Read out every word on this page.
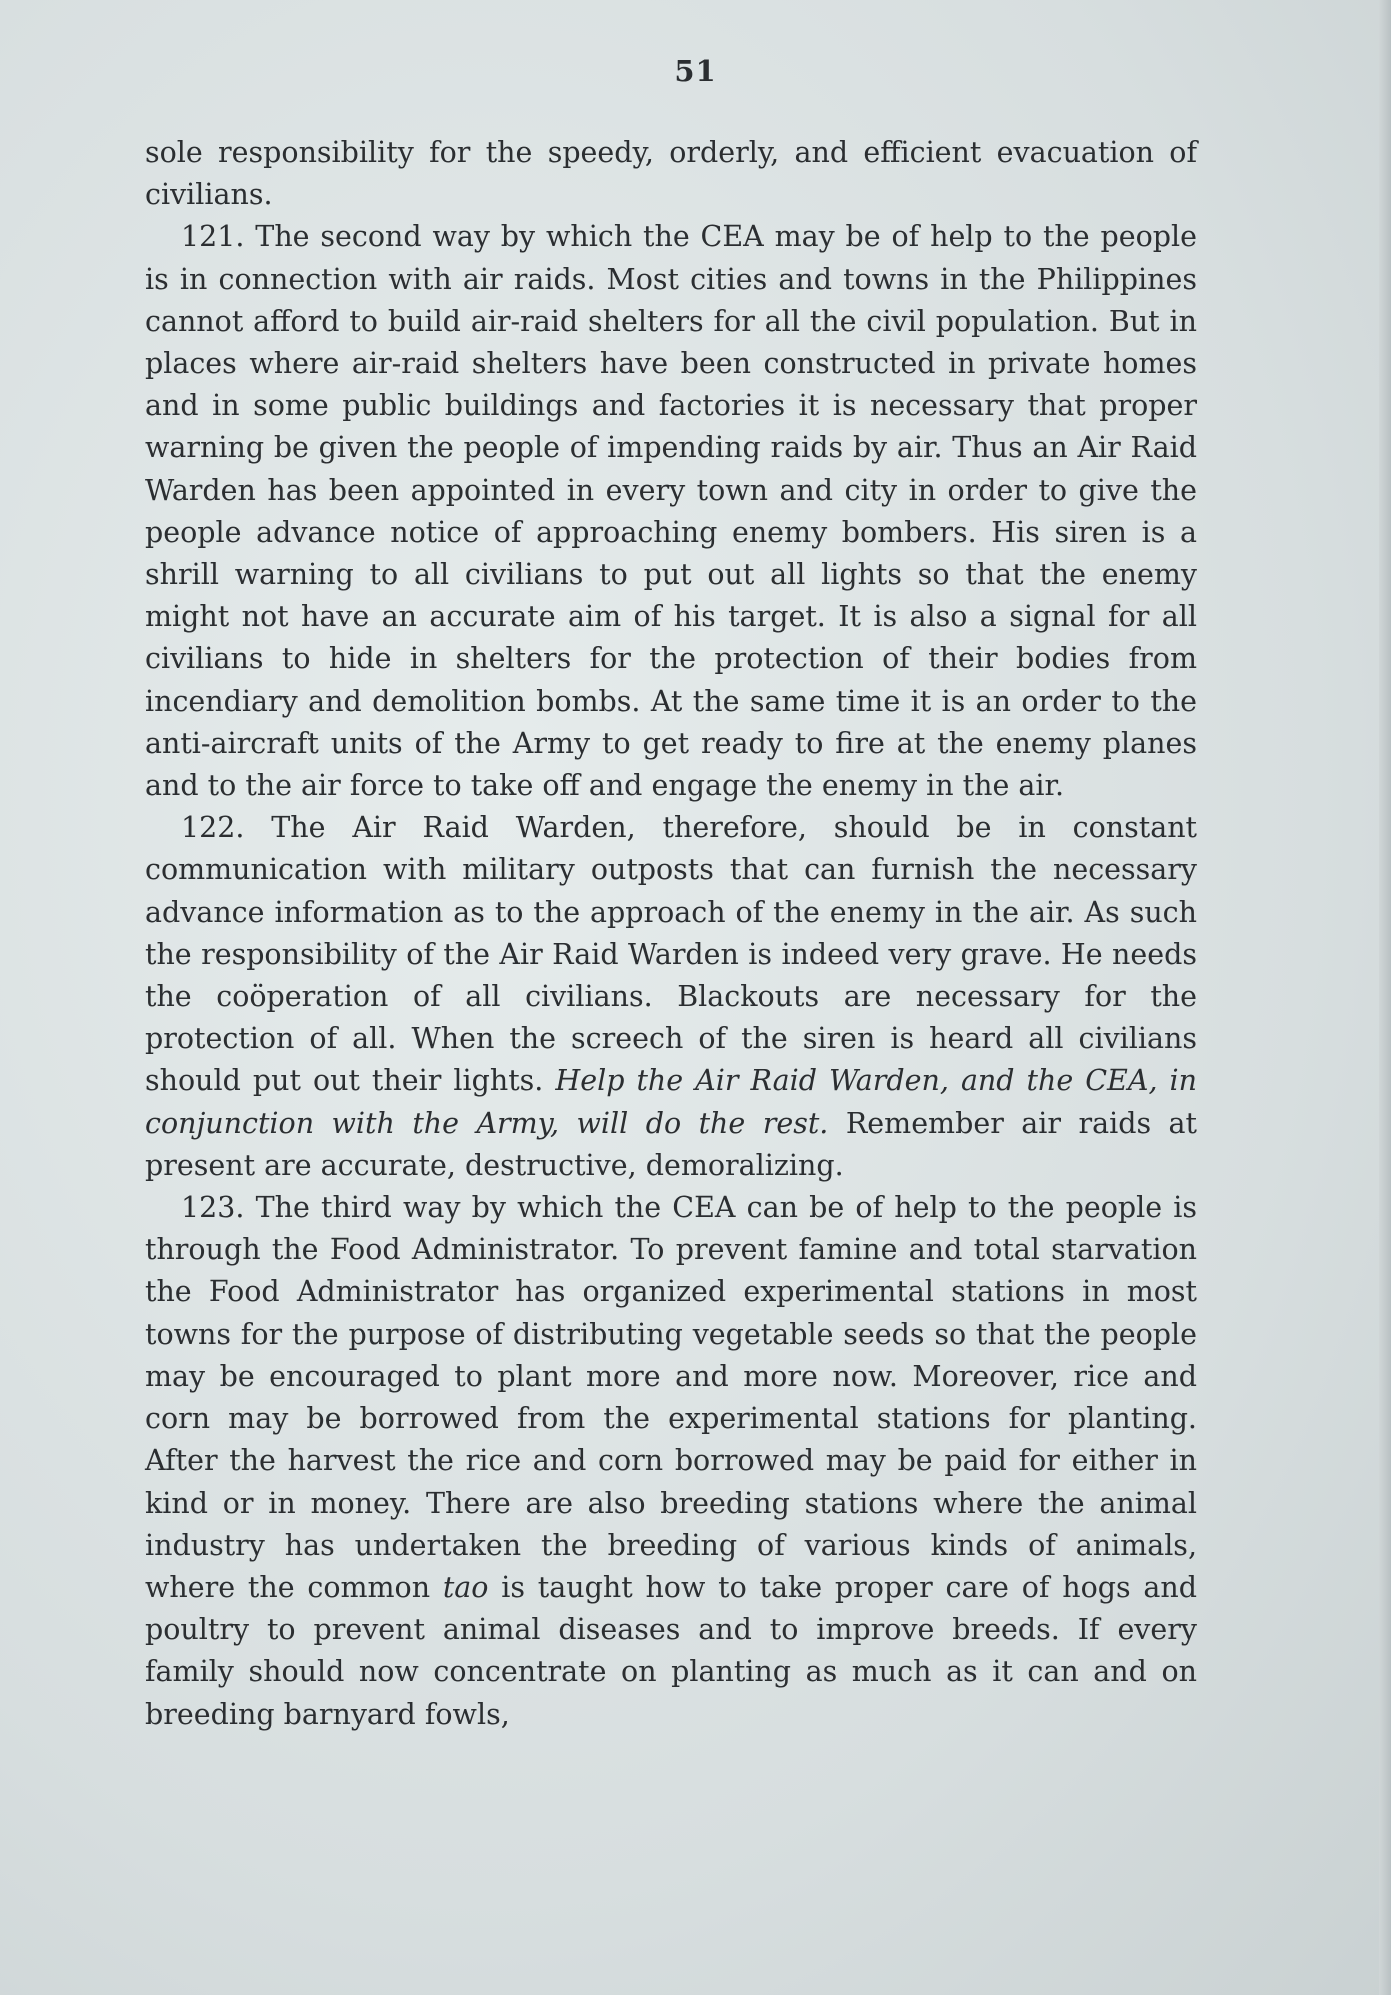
51

sole responsibility for the speedy, orderly, and efficient evacuation of civilians.

121. The second way by which the CEA may be of help to the people is in connection with air raids. Most cities and towns in the Philippines cannot afford to build air-raid shelters for all the civil population. But in places where air-raid shelters have been constructed in private homes and in some public buildings and factories it is necessary that proper warning be given the people of impending raids by air. Thus an Air Raid Warden has been appointed in every town and city in order to give the people advance notice of approaching enemy bombers. His siren is a shrill warning to all civilians to put out all lights so that the enemy might not have an accurate aim of his target. It is also a signal for all civilians to hide in shelters for the protection of their bodies from incendiary and demolition bombs. At the same time it is an order to the anti-aircraft units of the Army to get ready to fire at the enemy planes and to the air force to take off and engage the enemy in the air.

122. The Air Raid Warden, therefore, should be in constant communication with military outposts that can furnish the necessary advance information as to the approach of the enemy in the air. As such the responsibility of the Air Raid Warden is indeed very grave. He needs the coöperation of all civilians. Blackouts are necessary for the protection of all. When the screech of the siren is heard all civilians should put out their lights. Help the Air Raid Warden, and the CEA, in conjunction with the Army, will do the rest. Remember air raids at present are accurate, destructive, demoralizing.

123. The third way by which the CEA can be of help to the people is through the Food Administrator. To prevent famine and total starvation the Food Administrator has organized experimental stations in most towns for the purpose of distributing vegetable seeds so that the people may be encouraged to plant more and more now. Moreover, rice and corn may be borrowed from the experimental stations for planting. After the harvest the rice and corn borrowed may be paid for either in kind or in money. There are also breeding stations where the animal industry has undertaken the breeding of various kinds of animals, where the common tao is taught how to take proper care of hogs and poultry to prevent animal diseases and to improve breeds. If every family should now concentrate on planting as much as it can and on breeding barnyard fowls,
